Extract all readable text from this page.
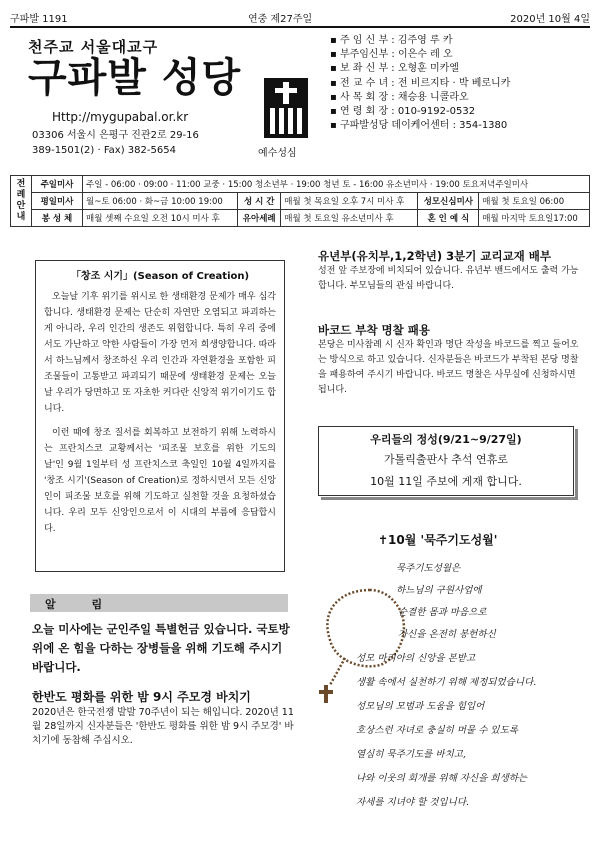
구파발 1191	연중 제27주일	2020년 10월 4일
천주교 서울대교구
구파발 성당
Http://mygupabal.or.kr
03306 서울시 은평구 진관2로 29-16
389-1501(2) · Fax) 382-5654	예수성심
▪ 주 임 신 부 : 김주영 루 카
▪ 부주임신부 : 이은수 레 오
▪ 보 좌 신 부 : 오형훈 미카엘
▪ 전 교 수 녀 : 전 비르지타 · 박 베로니카
▪ 사 목 회 장 : 채승용 니콜라오
▪ 연 령 회 장 : 010-9192-0532
▪ 구파발성당 데이케어센터 : 354-1380
전례안내	주일미사	주일 - 06:00 · 09:00 · 11:00 교중 · 15:00 청소년부 · 19:00 청년 토 - 16:00 유소년미사 · 19:00 토요저녁주일미사				
	평일미사	월~토 06:00 · 화~금 10:00 19:00	성 시 간	매월 첫 목요일 오후 7시 미사 후	성모신심미사	매월 첫 토요일 06:00
	봉 성 체	매월 셋째 수요일 오전 10시 미사 후	유아세례	매월 첫 토요일 유소년미사 후	혼 인 예 식	매월 마지막 토요일17:00
「창조 시기」(Season of Creation)
오늘날 기후 위기를 위시로 한 생태환경 문제가 매우 심각합니다. 생태환경 문제는 단순히 자연만 오염되고 파괴하는 게 아니라, 우리 인간의 생존도 위협합니다. 특히 우리 중에서도 가난하고 약한 사람들이 가장 먼저 희생양합니다. 따라서 하느님께서 창조하신 우리 인간과 자연환경을 포함한 피조물들이 고통받고 파괴되기 때문에 생태환경 문제는 오늘날 우리가 당면하고 또 자초한 커다란 신앙적 위기이기도 합니다.
이런 때에 창조 질서를 회복하고 보전하기 위해 노력하시는 프란치스코 교황께서는 '피조물 보호를 위한 기도의 날'인 9월 1일부터 성 프란치스코 축일인 10월 4일까지를 '창조 시기'(Season of Creation)로 정하시면서 모든 신앙인이 피조물 보호를 위해 기도하고 실천할 것을 요청하셨습니다. 우리 모두 신앙인으로서 이 시대의 부름에 응답합시다.
알 림
오늘 미사에는 군인주일 특별헌금 있습니다. 국토방위에 온 힘을 다하는 장병들을 위해 기도해 주시기 바랍니다.
한반도 평화를 위한 밤 9시 주모경 바치기
2020년은 한국전쟁 발발 70주년이 되는 해입니다. 2020년 11월 28일까지 신자분들은 '한반도 평화를 위한 밤 9시 주모경' 바치기에 동참해 주십시오.
유년부(유치부,1,2학년) 3분기 교리교재 배부
성전 앞 주보장에 비치되어 있습니다. 유년부 밴드에서도 출력 가능합니다. 부모님들의 관심 바랍니다.
바코드 부착 명찰 패용
본당은 미사참례 시 신자 확인과 명단 작성을 바코드를 찍고 들어오는 방식으로 하고 있습니다. 신자분들은 바코드가 부착된 본당 명찰을 패용하여 주시기 바랍니다. 바코드 명찰은 사무실에 신청하시면 됩니다.
우리들의 정성(9/21~9/27일)
가톨릭출판사 추석 연휴로
10월 11일 주보에 게재 합니다.
✝10월 '묵주기도성월'
묵주기도성월은
하느님의 구원사업에
순결한 몸과 마음으로
자신을 온전히 봉헌하신
성모 마리아의 신앙을 본받고
생활 속에서 실천하기 위해 제정되었습니다.
성모님의 모범과 도움을 힘입어
호상스런 자녀로 충실히 머물 수 있도록
열심히 묵주기도를 바치고,
나와 이웃의 회개를 위해 자신을 희생하는
자세를 지녀야 할 것입니다.
